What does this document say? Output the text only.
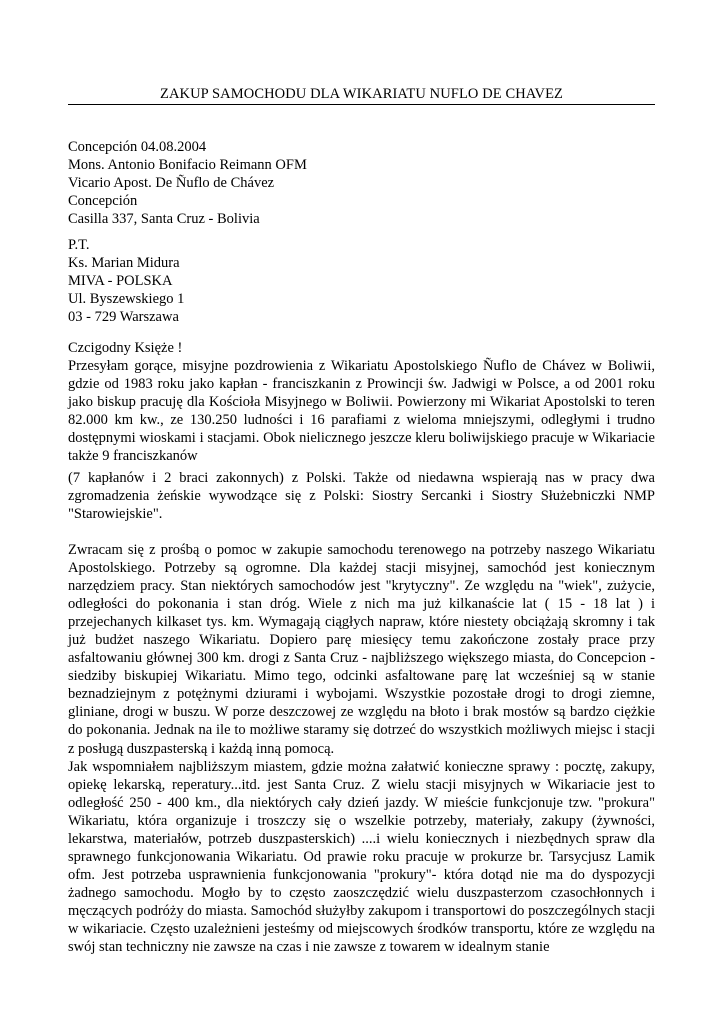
ZAKUP SAMOCHODU DLA WIKARIATU NUFLO DE CHAVEZ
Concepción 04.08.2004
Mons. Antonio Bonifacio Reimann OFM
Vicario Apost. De Ñuflo de Chávez
Concepción
Casilla 337, Santa Cruz - Bolivia
P.T.
Ks. Marian Midura
MIVA - POLSKA
Ul. Byszewskiego 1
03 - 729 Warszawa
Czcigodny Księże !
Przesyłam gorące, misyjne pozdrowienia z Wikariatu Apostolskiego Ñuflo de Chávez w Boliwii, gdzie od 1983 roku jako kapłan - franciszkanin z Prowincji św. Jadwigi w Polsce, a od 2001 roku jako biskup pracuję dla Kościoła Misyjnego w Boliwii. Powierzony mi Wikariat Apostolski to teren 82.000 km kw., ze 130.250 ludności i 16 parafiami z wieloma mniejszymi, odległymi i trudno dostępnymi wioskami i stacjami. Obok nielicznego jeszcze kleru boliwijskiego pracuje w Wikariacie także 9 franciszkanów
(7 kapłanów i 2 braci zakonnych) z Polski. Także od niedawna wspierają nas w pracy dwa zgromadzenia żeńskie wywodzące się z Polski: Siostry Sercanki i Siostry Służebniczki NMP "Starowiejskie".
Zwracam się z prośbą o pomoc w zakupie samochodu terenowego na potrzeby naszego Wikariatu Apostolskiego. Potrzeby są ogromne. Dla każdej stacji misyjnej, samochód jest koniecznym narzędziem pracy. Stan niektórych samochodów jest "krytyczny". Ze względu na "wiek", zużycie, odległości do pokonania i stan dróg. Wiele z nich ma już kilkanaście lat ( 15 - 18 lat ) i przejechanych kilkaset tys. km. Wymagają ciągłych napraw, które niestety obciążają skromny i tak już budżet naszego Wikariatu. Dopiero parę miesięcy temu zakończone zostały prace przy asfaltowaniu głównej 300 km. drogi z Santa Cruz - najbliższego większego miasta, do Concepcion - siedziby biskupiej Wikariatu. Mimo tego, odcinki asfaltowane parę lat wcześniej są w stanie beznadziejnym z potężnymi dziurami i wybojami. Wszystkie pozostałe drogi to drogi ziemne, gliniane, drogi w buszu. W porze deszczowej ze względu na błoto i brak mostów są bardzo ciężkie do pokonania. Jednak na ile to możliwe staramy się dotrzeć do wszystkich możliwych miejsc i stacji z posługą duszpasterską i każdą inną pomocą.
Jak wspomniałem najbliższym miastem, gdzie można załatwić konieczne sprawy : pocztę, zakupy, opiekę lekarską, reperatury...itd. jest Santa Cruz. Z wielu stacji misyjnych w Wikariacie jest to odległość 250 - 400 km., dla niektórych cały dzień jazdy. W mieście funkcjonuje tzw. "prokura" Wikariatu, która organizuje i troszczy się o wszelkie potrzeby, materiały, zakupy (żywności, lekarstwa, materiałów, potrzeb duszpasterskich) ....i wielu koniecznych i niezbędnych spraw dla sprawnego funkcjonowania Wikariatu. Od prawie roku pracuje w prokurze br. Tarsycjusz Lamik ofm. Jest potrzeba usprawnienia funkcjonowania "prokury"- która dotąd nie ma do dyspozycji żadnego samochodu. Mogło by to często zaoszczędzić wielu duszpasterzom czasochłonnych i męczących podróży do miasta. Samochód służyłby zakupom i transportowi do poszczególnych stacji w wikariacie. Często uzależnieni jesteśmy od miejscowych środków transportu, które ze względu na swój stan techniczny nie zawsze na czas i nie zawsze z towarem w idealnym stanie
